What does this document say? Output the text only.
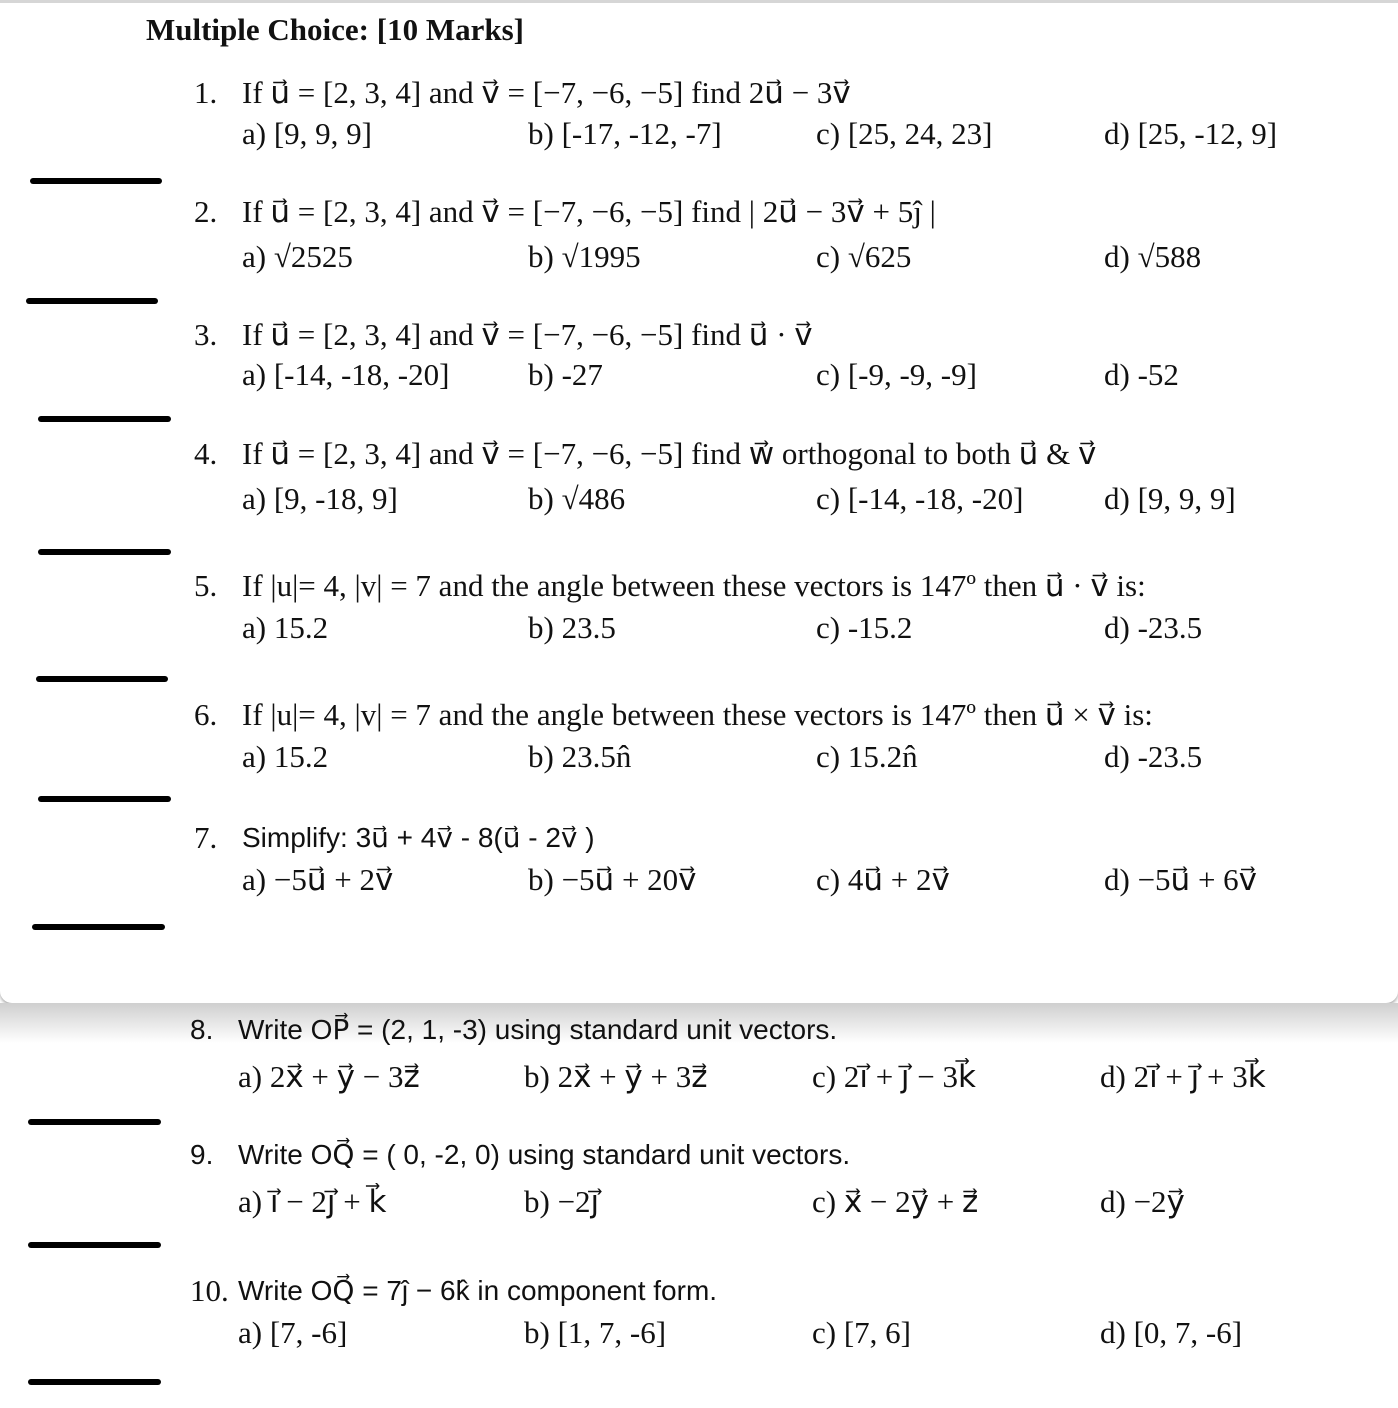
Multiple Choice: [10 Marks]
1. If u⃗ = [2, 3, 4] and v⃗ = [−7, −6, −5] find 2u⃗ − 3v⃗
a) [9, 9, 9]	b) [-17, -12, -7]	c) [25, 24, 23]	d) [25, -12, 9]
2. If u⃗ = [2, 3, 4] and v⃗ = [−7, −6, −5] find | 2u⃗ − 3v⃗ + 5ĵ |
a) √2525	b) √1995	c) √625	d) √588
3. If u⃗ = [2, 3, 4] and v⃗ = [−7, −6, −5] find u⃗ · v⃗
a) [-14, -18, -20]	b) -27	c) [-9, -9, -9]	d) -52
4. If u⃗ = [2, 3, 4] and v⃗ = [−7, −6, −5] find w⃗ orthogonal to both u⃗ & v⃗
a) [9, -18, 9]	b) √486	c) [-14, -18, -20]	d) [9, 9, 9]
5. If |u|= 4, |v| = 7 and the angle between these vectors is 147º then u⃗ · v⃗ is:
a) 15.2	b) 23.5	c) -15.2	d) -23.5
6. If |u|= 4, |v| = 7 and the angle between these vectors is 147º then u⃗ × v⃗ is:
a) 15.2	b) 23.5n̂	c) 15.2n̂	d) -23.5
7. Simplify: 3u⃗ + 4v⃗ - 8(u⃗ - 2v⃗ )
a) −5u⃗ + 2v⃗	b) −5u⃗ + 20v⃗	c) 4u⃗ + 2v⃗	d) −5u⃗ + 6v⃗
8. Write OP⃗ = (2, 1, -3) using standard unit vectors.
a) 2x⃗ + y⃗ − 3z⃗	b) 2x⃗ + y⃗ + 3z⃗	c) 2i⃗ + j⃗ − 3k⃗	d) 2i⃗ + j⃗ + 3k⃗
9. Write OQ⃗ = ( 0, -2, 0) using standard unit vectors.
a) i⃗ − 2j⃗ + k⃗	b) −2j⃗	c) x⃗ − 2y⃗ + z⃗	d) −2y⃗
10. Write OQ⃗ = 7ĵ − 6k̂ in component form.
a) [7, -6]	b) [1, 7, -6]	c) [7, 6]	d) [0, 7, -6]
